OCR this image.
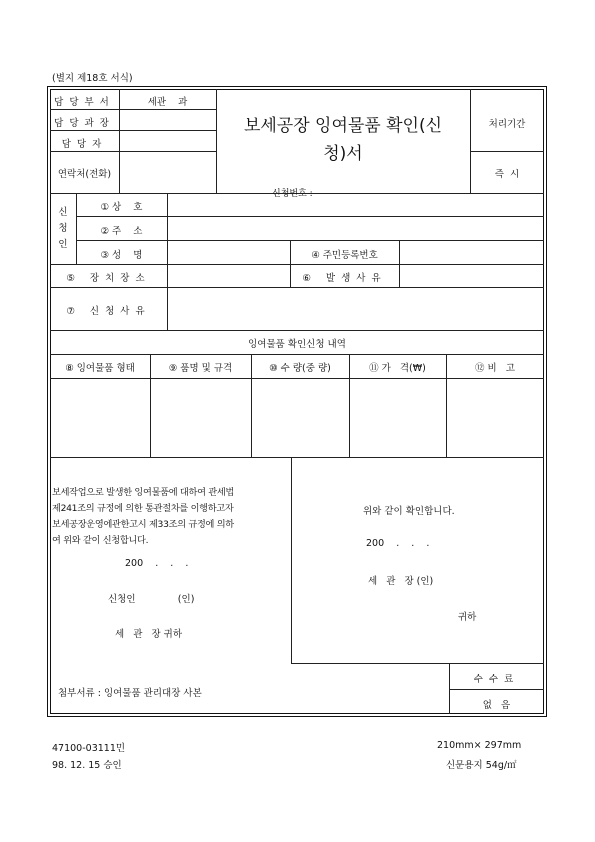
(별지 제18호 서식)
담당부서	세관    과
담당과장
담당자
연락처(전화)
보세공장 잉여물품 확인(신
청)서
신청번호 :
처리기간
즉  시
신
청
인
① 상    호
② 주    소
③ 성    명	④ 주민등록번호
⑤ 장치장소	⑥ 발생사유
⑦ 신청사유
잉여물품 확인신청 내역
⑧ 잉여물품 형태	⑨ 품명 및 규격	⑩ 수 량(중 량)	⑪ 가   격(₩)	⑫ 비   고
보세작업으로 발생한 잉여물품에 대하여 관세법
제241조의 규정에 의한 통관절차를 이행하고자
보세공장운영에관한고시 제33조의 규정에 의하
여 위와 같이 신청합니다.
200    .    .    .
신청인              (인)
세   관   장 귀하
위와 같이 확인합니다.
200    .    .    .
세   관   장 (인)
귀하
첨부서류 : 잉여물품 관리대장 사본
수수료
없   음
47100-03111민
98. 12. 15 승인
210mm× 297mm
신문용지 54g/㎡
